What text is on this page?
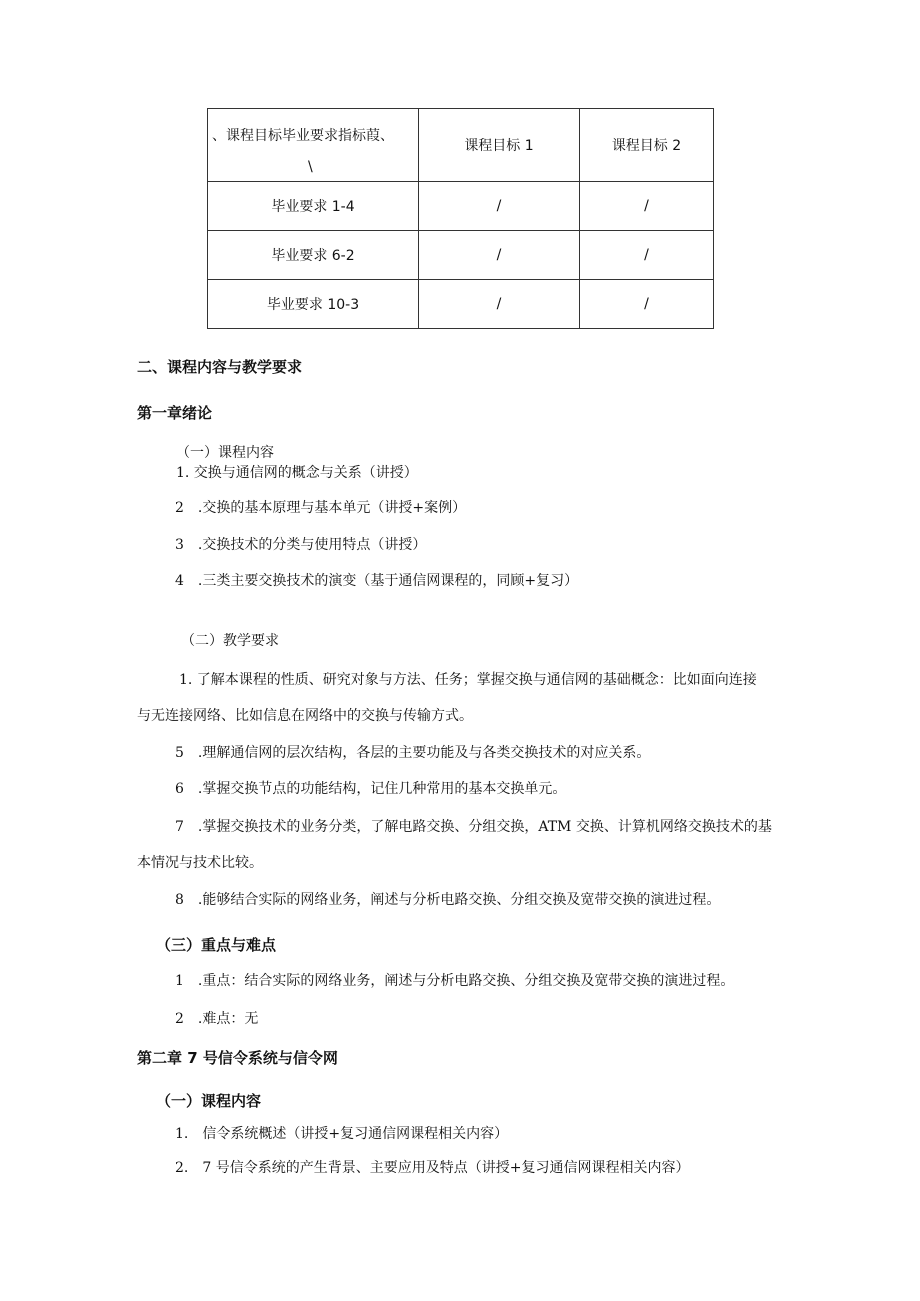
、课程目标毕业要求指标葭、
\	课程目标 1	课程目标 2
毕业要求 1-4	/	/
毕业要求 6-2	/	/
毕业要求 10-3	/	/
二、课程内容与教学要求
第一章绪论
（一）课程内容
1. 交换与通信网的概念与关系（讲授）
2　.交换的基本原理与基本单元（讲授+案例）
3　.交换技术的分类与使用特点（讲授）
4　.三类主要交换技术的演变（基于通信网课程的，同顾+复习）
（二）教学要求
1. 了解本课程的性质、研究对象与方法、任务；掌握交换与通信网的基础概念：比如面向连接
与无连接网络、比如信息在网络中的交换与传输方式。
5　.理解通信网的层次结构，各层的主要功能及与各类交换技术的对应关系。
6　.掌握交换节点的功能结构，记住几种常用的基本交换单元。
7　.掌握交换技术的业务分类，了解电路交换、分组交换，ATM 交换、计算机网络交换技术的基
本情况与技术比较。
8　.能够结合实际的网络业务，阐述与分析电路交换、分组交换及宽带交换的演进过程。
（三）重点与难点
1　.重点：结合实际的网络业务，阐述与分析电路交换、分组交换及宽带交换的演进过程。
2　.难点：无
第二章 7 号信令系统与信令网
（一）课程内容
1.　信令系统概述（讲授+复习通信网课程相关内容）
2.　7 号信令系统的产生背景、主要应用及特点（讲授+复习通信网课程相关内容）
